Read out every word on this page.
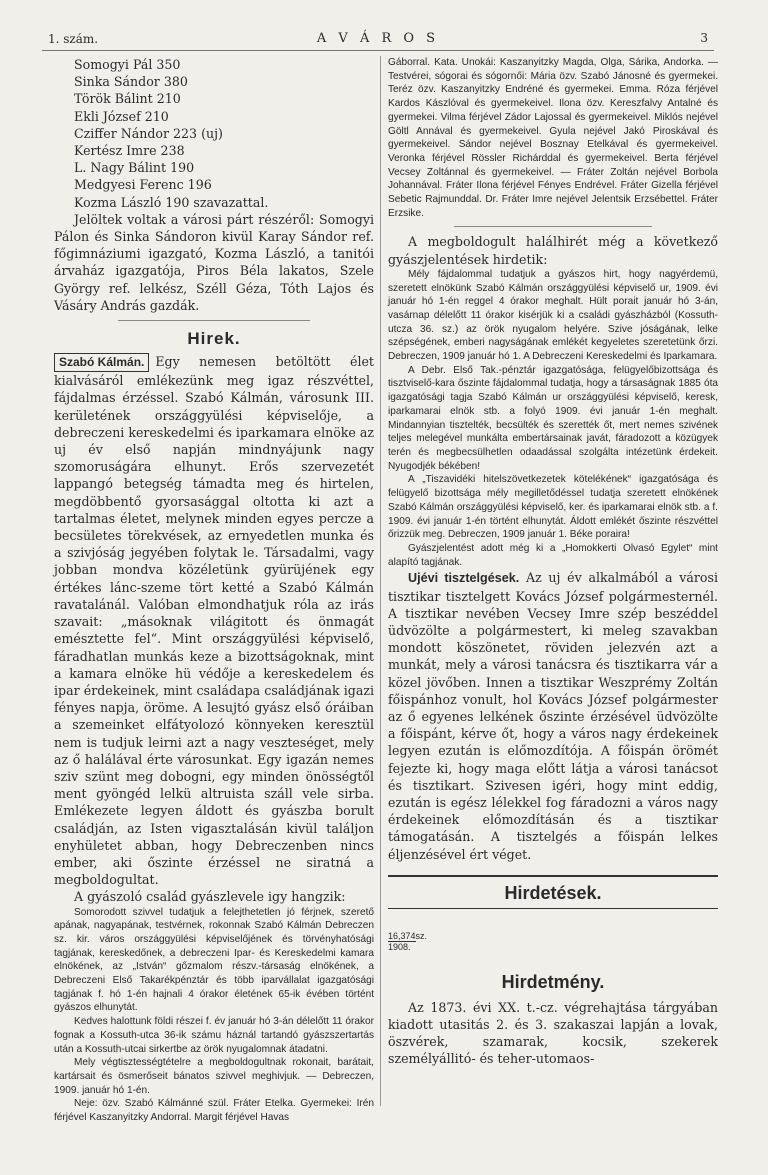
1. szám.	A V Á R O S	3
Somogyi Pál 350
Sinka Sándor 380
Török Bálint 210
Ekli József 210
Cziffer Nándor 223 (uj)
Kertész Imre 238
L. Nagy Bálint 190
Medgyesi Ferenc 196
Kozma László 190 szavazattal.

Jelöltek voltak a városi párt részéről: Somogyi Pálon és Sinka Sándoron kivül Karay Sándor ref. főgimnáziumi igazgató, Kozma László, a tanitói árvaház igazgatója, Piros Béla lakatos, Szele György ref. lelkész, Széll Géza, Tóth Lajos és Vásáry András gazdák.

Hirek.

Szabó Kálmán. Egy nemesen betöltött élet kialvásáról emlékezünk meg igaz részvéttel, fájdalmas érzéssel. Szabó Kálmán, városunk III. kerületének országgyülési képviselője, a debreczeni kereskedelmi és iparkamara elnöke az uj év első napján mindnyájunk nagy szomoruságára elhunyt. Erős szervezetét lappangó betegség támadta meg és hirtelen, megdöbbentő gyorsasággal oltotta ki azt a tartalmas életet, melynek minden egyes percze a becsületes törekvések, az ernyedetlen munka és a szivjóság jegyében folytak le. Társadalmi, vagy jobban mondva közéletünk gyürüjének egy értékes lánc-szeme tört ketté a Szabó Kálmán ravatalánál. Valóban elmondhatjuk róla az irás szavait: „másoknak világitott és önmagát emésztette fel“. Mint országgyülési képviselő, fáradhatlan munkás keze a bizottságoknak, mint a kamara elnöke hü védője a kereskedelem és ipar érdekeinek, mint családapa családjának igazi fényes napja, öröme. A lesujtó gyász első óráiban a szemeinket elfátyolozó könnyeken keresztül nem is tudjuk leirni azt a nagy veszteséget, mely az ő halálával érte városunkat. Egy igazán nemes sziv szünt meg dobogni, egy minden önösségtől ment gyöngéd lelkü altruista száll vele sirba. Emlékezete legyen áldott és gyászba borult családján, az Isten vigasztalásán kivül találjon enyhületet abban, hogy Debreczenben nincs ember, aki őszinte érzéssel ne siratná a megboldogultat.

A gyászoló család gyászlevele igy hangzik:

Somorodott szivvel tudatjuk a felejthetetlen jó férjnek, szerető apának, nagyapának, testvérnek, rokonnak Szabó Kálmán Debreczen sz. kir. város országgyülési képviselőjének és törvényhatósági tagjának, kereskedőnek, a debreczeni Ipar- és Kereskedelmi kamara elnökének, az „István“ gőzmalom részv.-társaság elnökének, a Debreczeni Első Takarékpénztár és több iparvállalat igazgatósági tagjának f. hó 1-én hajnali 4 órakor életének 65-ik évében történt gyászos elhunytát.

Kedves halottunk földi részei f. év január hó 3-án délelőtt 11 órakor fognak a Kossuth-utca 36-ik számu háznál tartandó gyászszertartás után a Kossuth-utcai sirkertbe az örök nyugalomnak átadatni.

Mely végtisztességtételre a megboldogultnak rokonait, barátait, kartársait és ösmerőseit bánatos szivvel meghivjuk. — Debreczen, 1909. január hó 1-én.

Neje: özv. Szabó Kálmánné szül. Fráter Etelka. Gyermekei: Irén férjével Kaszanyitzky Andorral. Margit férjével Havas

Gáborral. Kata. Unokái: Kaszanyitzky Magda, Olga, Sárika, Andorka. — Testvérei, sógorai és sógornői: Mária özv. Szabó Jánosné és gyermekei. Teréz özv. Kaszanyitzky Endréné és gyermekei. Emma. Róza férjével Kardos Kászlóval és gyermekeivel. Ilona özv. Kereszfalvy Antalné és gyermekei. Vilma férjével Zádor Lajossal és gyermekeivel. Miklós nejével Göltl Annával és gyermekeivel. Gyula nejével Jakó Piroskával és gyermekeivel. Sándor nejével Bosznay Etelkával és gyermekeivel. Veronka férjével Rössler Richárddal és gyermekeivel. Berta férjével Vecsey Zoltánnal és gyermekeivel. — Fráter Zoltán nejével Borbola Johannával. Fráter Ilona férjével Fényes Endrével. Fráter Gizella férjével Sebetic Rajmunddal. Dr. Fráter Imre nejével Jelentsik Erzsébettel. Fráter Erzsike.

A megboldogult halálhirét még a következő gyászjelentések hirdetik:

Mély fájdalommal tudatjuk a gyászos hirt, hogy nagyérdemü, szeretett elnökünk Szabó Kálmán országgyülési képviselő ur, 1909. évi január hó 1-én reggel 4 órakor meghalt. Hült porait január hó 3-án, vasárnap délelőtt 11 órakor kisérjük ki a családi gyászházból (Kossuth-utcza 36. sz.) az örök nyugalom helyére. Szive jóságának, lelke szépségének, emberi nagyságának emlékét kegyeletes szeretetünk őrzi. Debreczen, 1909 január hó 1. A Debreczeni Kereskedelmi és Iparkamara.

A Debr. Első Tak.-pénztár igazgatósága, felügyelőbizottsága és tisztviselő-kara őszinte fájdalommal tudatja, hogy a társaságnak 1885 óta igazgatósági tagja Szabó Kálmán ur országgyülési képviselő, keresk, iparkamarai elnök stb. a folyó 1909. évi január 1-én meghalt. Mindannyian tisztelték, becsülték és szerették őt, mert nemes szivének teljes melegével munkálta embertársainak javát, fáradozott a közügyek terén és megbecsülhetlen odaadással szolgálta intézetünk érdekeit. Nyugodjék békében!

A „Tiszavidéki hitelszövetkezetek kötelékének“ igazgatósága és felügyelő bizottsága mély megilletődéssel tudatja szeretett elnökének Szabó Kálmán országgyülési képviselő, ker. és iparkamarai elnök stb. a f. 1909. évi január 1-én történt elhunytát. Áldott emlékét őszinte részvéttel őrizzük meg. Debreczen, 1909 január 1. Béke poraira!

Gyászjelentést adott még ki a „Homokkerti Olvasó Egylet“ mint alapító tagjának.

Ujévi tisztelgések. Az uj év alkalmából a városi tisztikar tisztelgett Kovács József polgármesternél. A tisztikar nevében Vecsey Imre szép beszéddel üdvözölte a polgármestert, ki meleg szavakban mondott köszönetet, röviden jelezvén azt a munkát, mely a városi tanácsra és tisztikarra vár a közel jövőben. Innen a tisztikar Weszprémy Zoltán főispánhoz vonult, hol Kovács József polgármester az ő egyenes lelkének őszinte érzésével üdvözölte a főispánt, kérve őt, hogy a város nagy érdekeinek legyen ezután is előmozdítója. A főispán örömét fejezte ki, hogy maga előtt látja a városi tanácsot és tisztikart. Szivesen igéri, hogy mint eddig, ezután is egész lélekkel fog fáradozni a város nagy érdekeinek előmozdításán és a tisztikar támogatásán. A tisztelgés a főispán lelkes éljenzésével ért véget.

Hirdetések.
16,374sz.
1908.
Hirdetmény.

Az 1873. évi XX. t.-cz. végrehajtása tárgyában kiadott utasitás 2. és 3. szakaszai lapján a lovak, öszvérek, szamarak, kocsik, szekerek személyállitó- és teher-utomaos-
